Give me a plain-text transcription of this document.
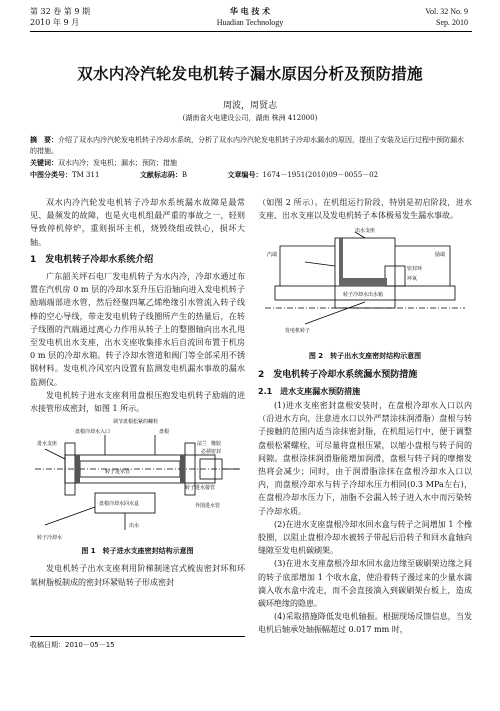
第 32 卷 第 9 期
2010 年 9 月
华 电 技 术
Huadian Technology
Vol. 32 No. 9
Sep. 2010
双水内冷汽轮发电机转子漏水原因分析及预防措施
周波，周贤志
(湖南省火电建设公司，湖南 株洲 412000)
摘　要：介绍了双水内冷汽轮发电机转子冷却水系统，分析了双水内冷汽轮发电机转子冷却水漏水的原因，提出了安装及运行过程中预防漏水的措施。
关键词：双水内冷；发电机；漏水；预防；措施
中图分类号：TM 311	文献标志码：B	文章编号：1674－1951(2010)09－0055－02

双水内冷汽轮发电机转子冷却水系统漏水故障是最常见、最频发的故障，也是火电机组最严重的事故之一，轻则导致停机停炉，重则损坏主机，烧毁绕组或铁心，损坏大轴。

1　发电机转子冷却水系统介绍

广东韶关坪石电厂发电机转子为水内冷，冷却水通过布置在汽机房 0 m 层的冷却水泵升压后沿轴向进入发电机转子励端端部进水管，然后经聚四氟乙烯绝缘引水管流入转子线棒的空心导线，带走发电机转子线圈所产生的热量后，在转子线圈的汽端通过离心力作用从转子上的整圈轴向出水孔甩至发电机出水支座，出水支座收集排水后自流回布置于机房 0 m 层的冷却水箱。转子冷却水管道和阀门等全部采用不锈钢材料。发电机冷风室内设置有监测发电机漏水事故的漏水监测仪。

发电机转子进水支座利用盘根压抱发电机转子励端的进水接管形成密封，如图 1 所示。

调节盘根松紧的螺栓
盘根冷却水入口	盘根
法兰 橡胶
必须密封
转子进水接管
转子进水管
进水支座
外围进水管
盘根冷却水回水盒
出水
转子冷却水
图 1　转子进水支座密封结构示意图

发电机转子出水支座利用阶梯制迷宫式梳齿密封环和环氧树脂板制成的密封环紧贴转子形成密封

收稿日期：2010－05－15

（如图 2 所示）。在机组运行阶段，特别是初启阶段，进水支座、出水支座以及发电机转子本体极易发生漏水事故。

出水支座
汽端	励端
密封环
环氧
转子冷却水出水箱
发电机转子
图 2　转子出水支座密封结构示意图
2　发电机转子冷却水系统漏水预防措施
2.1　进水支座漏水预防措施

(1)进水支座密封盘根安装时，在盘根冷却水入口以内（沿进水方向，注意进水口以外严禁涂抹润滑脂）盘根与转子接触的范围内适当涂抹密封脂，在机组运行中，便于调整盘根松紧螺栓，可尽量将盘根压紧，以缩小盘根与转子间的间隙。盘根涂抹润滑脂能增加润滑，盘根与转子间的摩擦发热将会减少；同时，由于润滑脂涂抹在盘根冷却水入口以内，而盘根冷却水与转子冷却水压力相同(0.3 MPa左右)，在盘根冷却水压力下，油脂不会漏入转子进入水中而污染转子冷却水质。

(2)在进水支座盘根冷却水回水盒与转子之间增加 1 个橡胶圈，以阻止盘根冷却水被转子带起后沿转子和回水盒轴向缝隙至发电机碳刷架。

(3)在进水支座盘根冷却水回水盒边缘至碳刷架边缘之间的转子底部增加 1 个收水盒，使沿着转子漫过来的少量水滴滴入收水盒中流走，而不会直接滴入到碳刷架台板上，造成碳环绝缘的隐患。

(4)采取措施降低发电机轴振。根据现场反馈信息，当发电机后轴承处轴振幅超过 0.017 mm 时，
